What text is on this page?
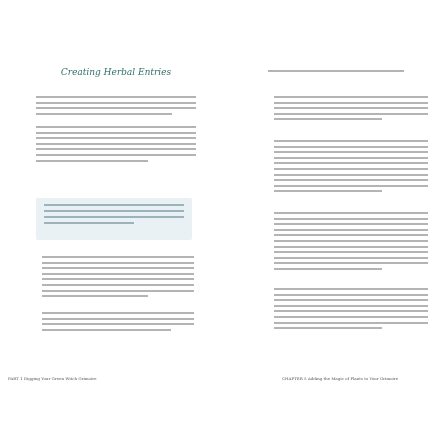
Creating Herbal Entries
PART 1 Digging Your Green Witch Grimoire	CHAPTER 5 Adding the Magic of Plants to Your Grimoire
